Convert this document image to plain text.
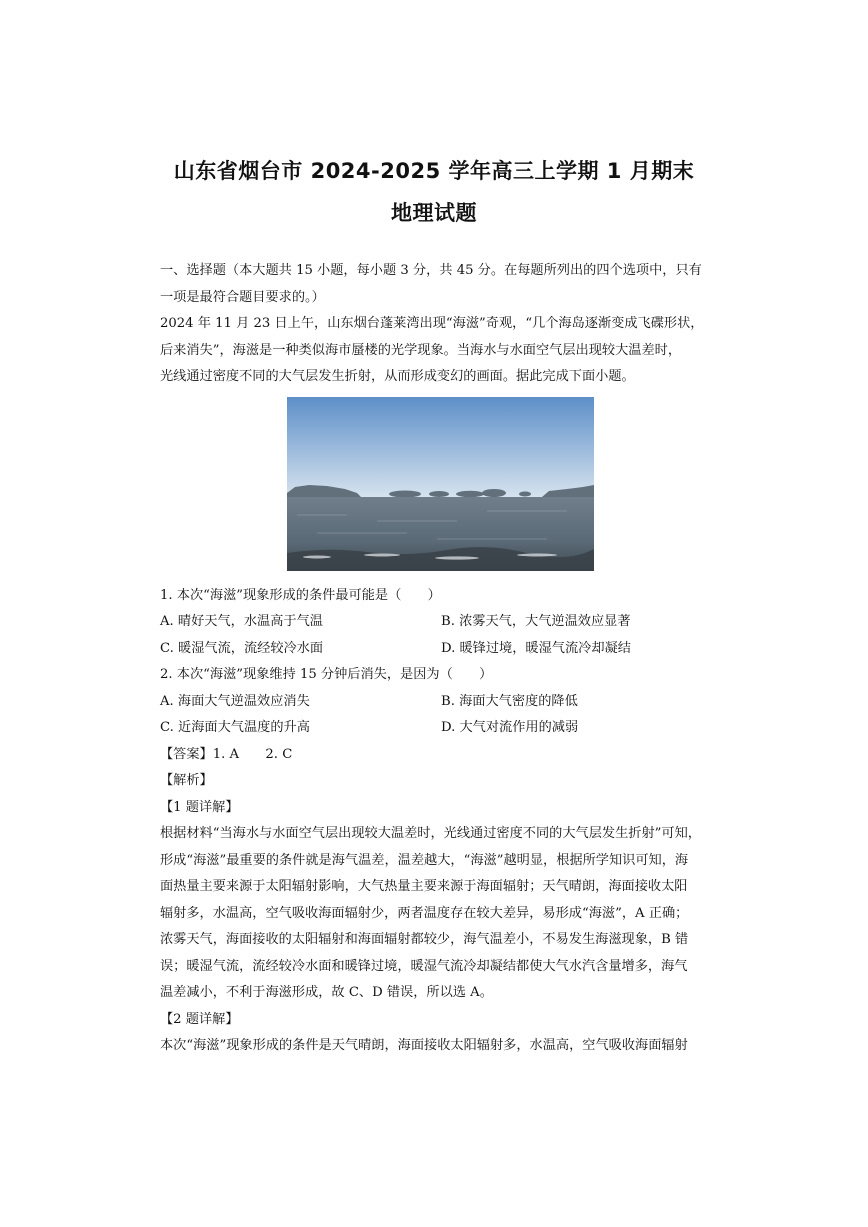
山东省烟台市 2024-2025 学年高三上学期 1 月期末
地理试题
一、选择题（本大题共 15 小题，每小题 3 分，共 45 分。在每题所列出的四个选项中，只有
一项是最符合题目要求的。）
2024 年 11 月 23 日上午，山东烟台蓬莱湾出现“海滋”奇观，“几个海岛逐渐变成飞碟形状，
后来消失”，海滋是一种类似海市蜃楼的光学现象。当海水与水面空气层出现较大温差时，
光线通过密度不同的大气层发生折射，从而形成变幻的画面。据此完成下面小题。
1. 本次“海滋”现象形成的条件最可能是（　　）
A. 晴好天气，水温高于气温	B. 浓雾天气，大气逆温效应显著
C. 暖湿气流，流经较冷水面	D. 暖锋过境，暖湿气流冷却凝结
2. 本次“海滋”现象维持 15 分钟后消失，是因为（　　）
A. 海面大气逆温效应消失	B. 海面大气密度的降低
C. 近海面大气温度的升高	D. 大气对流作用的减弱
【答案】1. A　　2. C
【解析】
【1 题详解】
根据材料“当海水与水面空气层出现较大温差时，光线通过密度不同的大气层发生折射”可知，
形成“海滋”最重要的条件就是海气温差，温差越大，“海滋”越明显，根据所学知识可知，海
面热量主要来源于太阳辐射影响，大气热量主要来源于海面辐射；天气晴朗，海面接收太阳
辐射多，水温高，空气吸收海面辐射少，两者温度存在较大差异，易形成“海滋”，A 正确；
浓雾天气，海面接收的太阳辐射和海面辐射都较少，海气温差小，不易发生海滋现象，B 错
误；暖湿气流，流经较冷水面和暖锋过境，暖湿气流冷却凝结都使大气水汽含量增多，海气
温差减小，不利于海滋形成，故 C、D 错误，所以选 A。
【2 题详解】
本次“海滋”现象形成的条件是天气晴朗，海面接收太阳辐射多，水温高，空气吸收海面辐射
